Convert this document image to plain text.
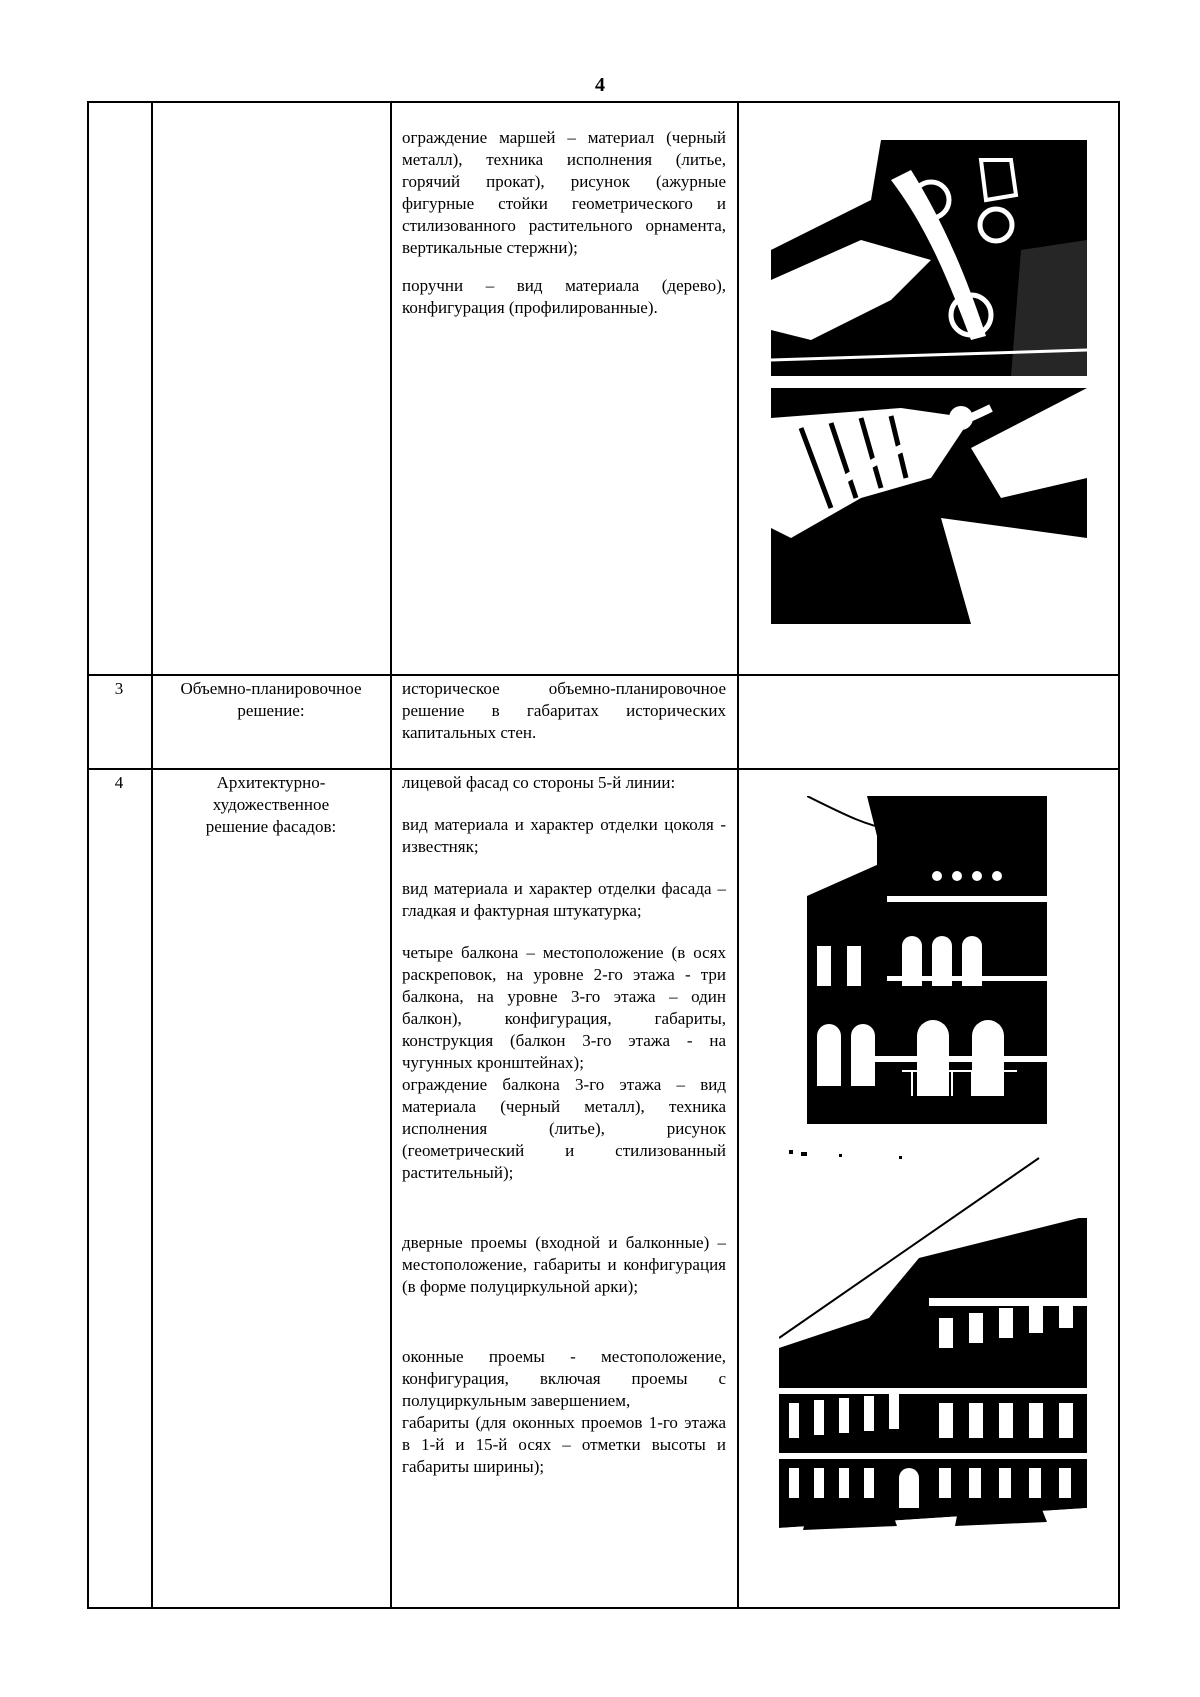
4

ограждение маршей – материал (черный металл), техника исполнения (литье, горячий прокат), рисунок (ажурные фигурные стойки геометрического и стилизованного растительного орнамента, вертикальные стержни);

поручни – вид материала (дерево), конфигурация (профилированные).

3	Объемно-планировочное решение:

историческое объемно-планировочное решение в габаритах исторических капитальных стен.

4	Архитектурно-художественное решение фасадов:

лицевой фасад со стороны 5-й линии:

вид материала и характер отделки цоколя - известняк;

вид материала и характер отделки фасада – гладкая и фактурная штукатурка;

четыре балкона – местоположение (в осях раскреповок, на уровне 2-го этажа - три балкона, на уровне 3-го этажа – один балкон), конфигурация, габариты, конструкция (балкон 3-го этажа - на чугунных кронштейнах);

ограждение балкона 3-го этажа – вид материала (черный металл), техника исполнения (литье), рисунок (геометрический и стилизованный растительный);

дверные проемы (входной и балконные) – местоположение, габариты и конфигурация (в форме полуциркульной арки);

оконные проемы - местоположение, конфигурация, включая проемы с полуциркульным завершением,

габариты (для оконных проемов 1-го этажа в 1-й и 15-й осях – отметки высоты и габариты ширины);
